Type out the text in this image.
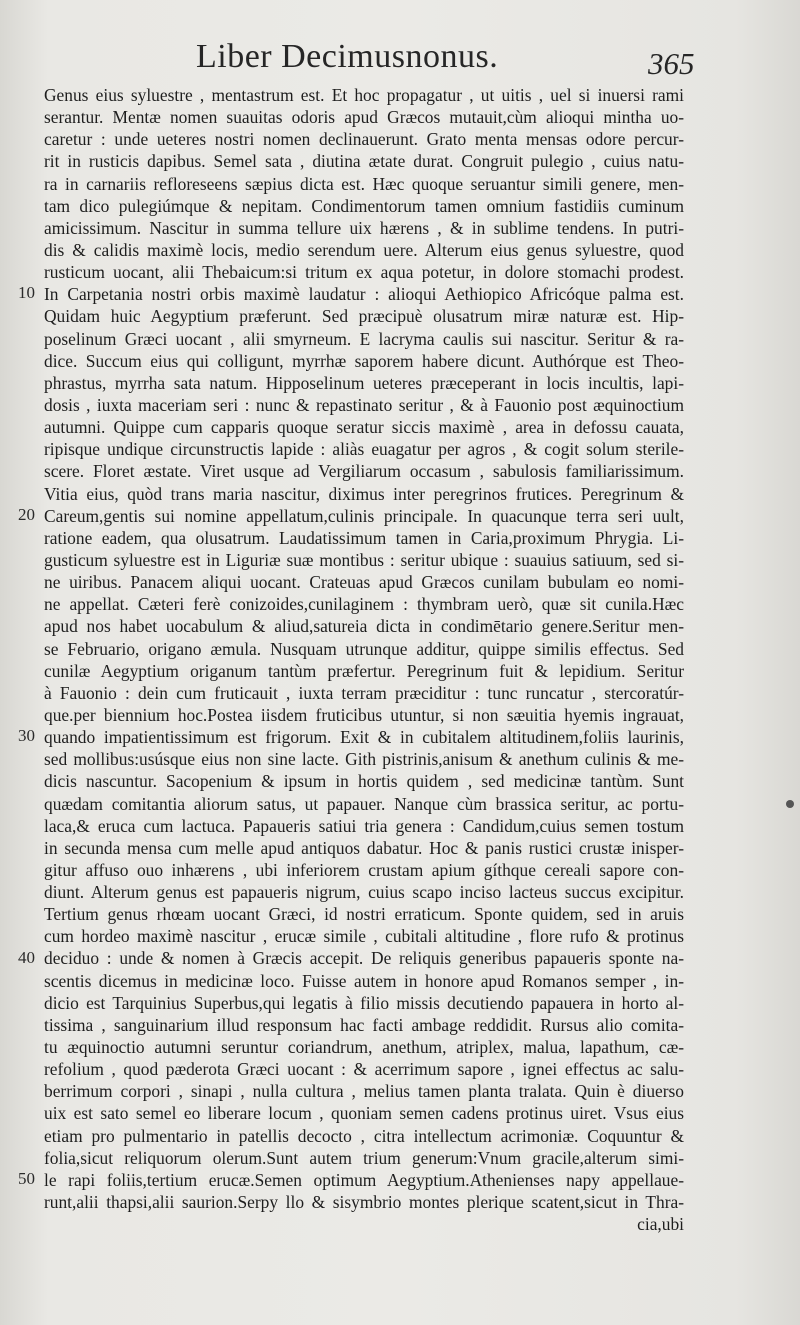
Liber Decimusnonus.	365
Genus eius syluestre , mentastrum est. Et hoc propagatur , ut uitis , uel si inuersi rami
serantur. Mentæ nomen suauitas odoris apud Græcos mutauit,cùm alioqui mintha uo-
caretur : unde ueteres nostri nomen declinauerunt. Grato menta mensas odore percur-
rit in rusticis dapibus. Semel sata , diutina ætate durat. Congruit pulegio , cuius natu-
ra in carnariis refloreseens sæpius dicta est. Hæc quoque seruantur simili genere, men-
tam dico pulegiúmque & nepitam. Condimentorum tamen omnium fastidiis cuminum
amicissimum. Nascitur in summa tellure uix hærens , & in sublime tendens. In putri-
dis & calidis maximè locis, medio serendum uere. Alterum eius genus syluestre, quod
rusticum uocant, alii Thebaicum:si tritum ex aqua potetur, in dolore stomachi prodest.
In Carpetania nostri orbis maximè laudatur : alioqui Aethiopico Africóque palma est.
Quidam huic Aegyptium præferunt. Sed præcipuè olusatrum miræ naturæ est. Hip-
poselinum Græci uocant , alii smyrneum. E lacryma caulis sui nascitur. Seritur & ra-
dice. Succum eius qui colligunt, myrrhæ saporem habere dicunt. Authórque est Theo-
phrastus, myrrha sata natum. Hipposelinum ueteres præceperant in locis incultis, lapi-
dosis , iuxta maceriam seri : nunc & repastinato seritur , & à Fauonio post æquinoctium
autumni. Quippe cum capparis quoque seratur siccis maximè , area in defossu cauata,
ripisque undique circunstructis lapide : aliàs euagatur per agros , & cogit solum sterile-
scere. Floret æstate. Viret usque ad Vergiliarum occasum , sabulosis familiarissimum.
Vitia eius, quòd trans maria nascitur, diximus inter peregrinos frutices. Peregrinum &
Careum,gentis sui nomine appellatum,culinis principale. In quacunque terra seri uult,
ratione eadem, qua olusatrum. Laudatissimum tamen in Caria,proximum Phrygia. Li-
gusticum syluestre est in Liguriæ suæ montibus : seritur ubique : suauius satiuum, sed si-
ne uiribus. Panacem aliqui uocant. Crateuas apud Græcos cunilam bubulam eo nomi-
ne appellat. Cæteri ferè conizoides,cunilaginem : thymbram uerò, quæ sit cunila.Hæc
apud nos habet uocabulum & aliud,satureia dicta in condimētario genere.Seritur men-
se Februario, origano æmula. Nusquam utrunque additur, quippe similis effectus. Sed
cunilæ Aegyptium origanum tantùm præfertur. Peregrinum fuit & lepidium. Seritur
à Fauonio : dein cum fruticauit , iuxta terram præciditur : tunc runcatur , stercoratúr-
que.per biennium hoc.Postea iisdem fruticibus utuntur, si non sæuitia hyemis ingrauat,
quando impatientissimum est frigorum. Exit & in cubitalem altitudinem,foliis laurinis,
sed mollibus:usúsque eius non sine lacte. Gith pistrinis,anisum & anethum culinis & me-
dicis nascuntur. Sacopenium & ipsum in hortis quidem , sed medicinæ tantùm. Sunt
quædam comitantia aliorum satus, ut papauer. Nanque cùm brassica seritur, ac portu-
laca,& eruca cum lactuca. Papaueris satiui tria genera : Candidum,cuius semen tostum
in secunda mensa cum melle apud antiquos dabatur. Hoc & panis rustici crustæ inisper-
gitur affuso ouo inhærens , ubi inferiorem crustam apium gíthque cereali sapore con-
diunt. Alterum genus est papaueris nigrum, cuius scapo inciso lacteus succus excipitur.
Tertium genus rhœam uocant Græci, id nostri erraticum. Sponte quidem, sed in aruis
cum hordeo maximè nascitur , erucæ simile , cubitali altitudine , flore rufo & protinus
deciduo : unde & nomen à Græcis accepit. De reliquis generibus papaueris sponte na-
scentis dicemus in medicinæ loco. Fuisse autem in honore apud Romanos semper , in-
dicio est Tarquinius Superbus,qui legatis à filio missis decutiendo papauera in horto al-
tissima , sanguinarium illud responsum hac facti ambage reddidit. Rursus alio comita-
tu æquinoctio autumni seruntur coriandrum, anethum, atriplex, malua, lapathum, cæ-
refolium , quod pæderota Græci uocant : & acerrimum sapore , ignei effectus ac salu-
berrimum corpori , sinapi , nulla cultura , melius tamen planta tralata. Quin è diuerso
uix est sato semel eo liberare locum , quoniam semen cadens protinus uiret. Vsus eius
etiam pro pulmentario in patellis decocto , citra intellectum acrimoniæ. Coquuntur &
folia,sicut reliquorum olerum.Sunt autem trium generum:Vnum gracile,alterum simi-
le rapi foliis,tertium erucæ.Semen optimum Aegyptium.Athenienses napy appellaue-
runt,alii thapsi,alii saurion.Serpy llo & sisymbrio montes plerique scatent,sicut in Thra-
cia,ubi
10
20
30
40
50
